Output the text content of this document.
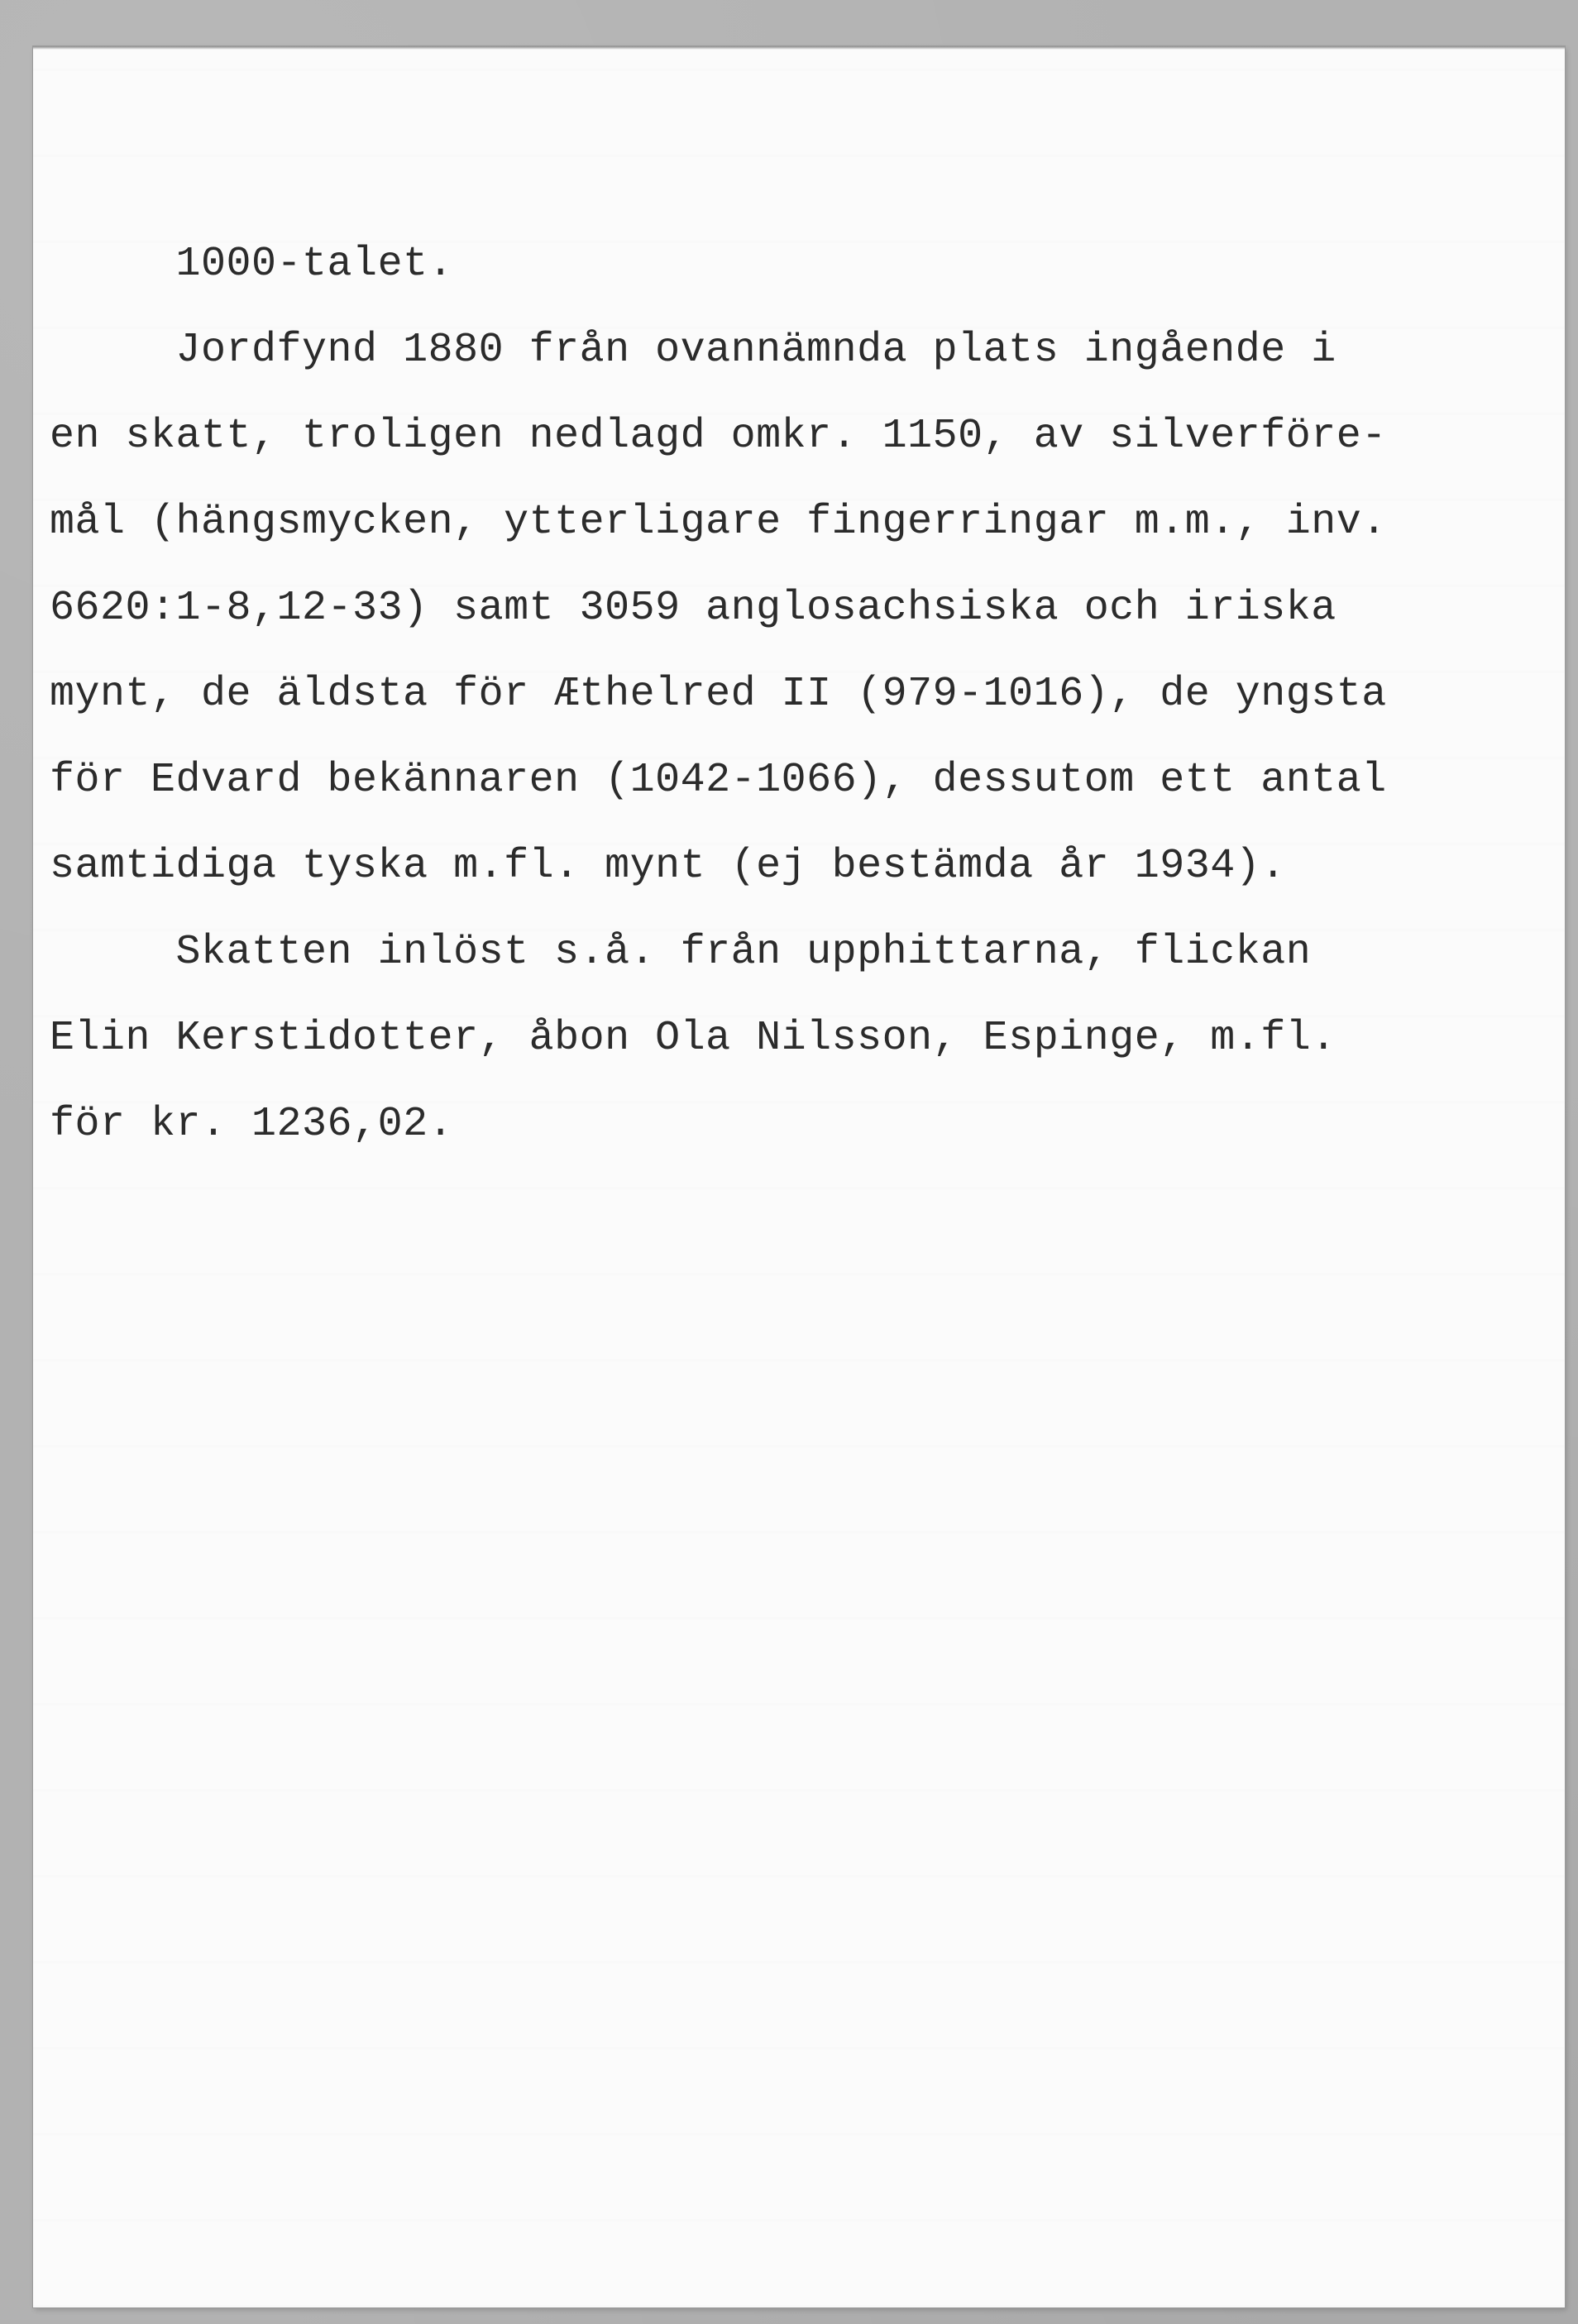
1000-talet.
Jordfynd 1880 från ovannämnda plats ingående i
en skatt, troligen nedlagd omkr. 1150, av silverföre-
mål (hängsmycken, ytterligare fingerringar m.m., inv.
6620:1-8,12-33) samt 3059 anglosachsiska och iriska
mynt, de äldsta för Æthelred II (979-1016), de yngsta
för Edvard bekännaren (1042-1066), dessutom ett antal
samtidiga tyska m.fl. mynt (ej bestämda år 1934).
Skatten inlöst s.å. från upphittarna, flickan
Elin Kerstidotter, åbon Ola Nilsson, Espinge, m.fl.
för kr. 1236,02.
